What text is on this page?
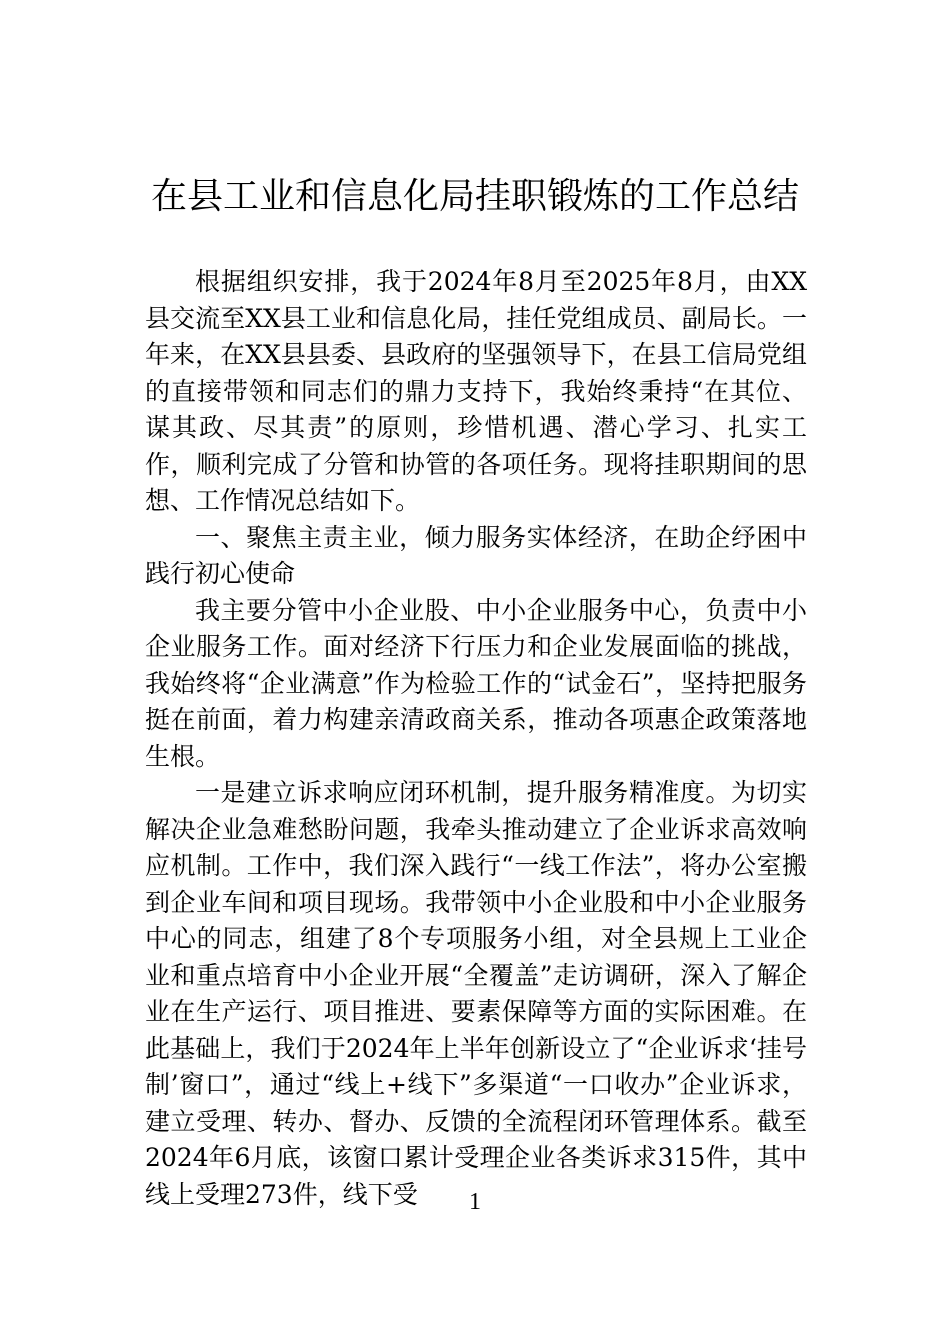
在县工业和信息化局挂职锻炼的工作总结

根据组织安排，我于2024年8月至2025年8月，由XX县交流至XX县工业和信息化局，挂任党组成员、副局长。一年来，在XX县县委、县政府的坚强领导下，在县工信局党组的直接带领和同志们的鼎力支持下，我始终秉持“在其位、谋其政、尽其责”的原则，珍惜机遇、潜心学习、扎实工作，顺利完成了分管和协管的各项任务。现将挂职期间的思想、工作情况总结如下。

一、聚焦主责主业，倾力服务实体经济，在助企纾困中践行初心使命

我主要分管中小企业股、中小企业服务中心，负责中小企业服务工作。面对经济下行压力和企业发展面临的挑战，我始终将“企业满意”作为检验工作的“试金石”，坚持把服务挺在前面，着力构建亲清政商关系，推动各项惠企政策落地生根。

一是建立诉求响应闭环机制，提升服务精准度。为切实解决企业急难愁盼问题，我牵头推动建立了企业诉求高效响应机制。工作中，我们深入践行“一线工作法”，将办公室搬到企业车间和项目现场。我带领中小企业股和中小企业服务中心的同志，组建了8个专项服务小组，对全县规上工业企业和重点培育中小企业开展“全覆盖”走访调研，深入了解企业在生产运行、项目推进、要素保障等方面的实际困难。在此基础上，我们于2024年上半年创新设立了“企业诉求‘挂号制’窗口”，通过“线上+线下”多渠道“一口收办”企业诉求，建立受理、转办、督办、反馈的全流程闭环管理体系。截至2024年6月底，该窗口累计受理企业各类诉求315件，其中线上受理273件，线下受	1
